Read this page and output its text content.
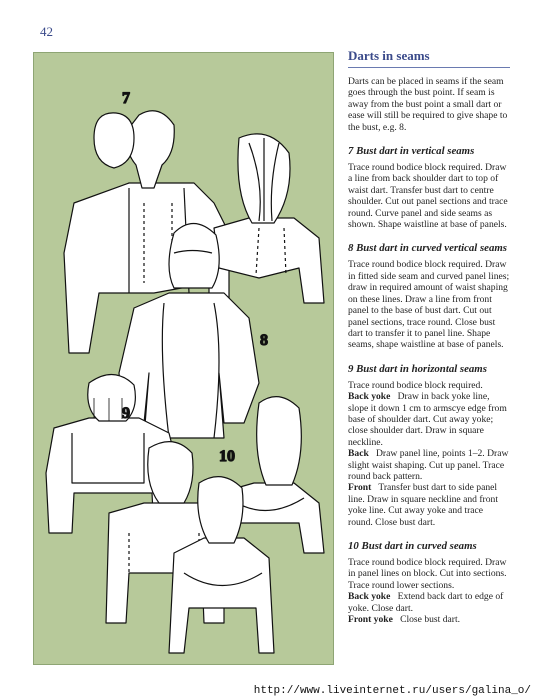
42
7
8
9
10
Darts in seams

Darts can be placed in seams if the seam goes through the bust point. If seam is away from the bust point a small dart or ease will still be required to give shape to the bust, e.g. 8.

7 Bust dart in vertical seams

Trace round bodice block required. Draw a line from back shoulder dart to top of waist dart. Transfer bust dart to centre shoulder. Cut out panel sections and trace round. Curve panel and side seams as shown. Shape waistline at base of panels.

8 Bust dart in curved vertical seams

Trace round bodice block required. Draw in fitted side seam and curved panel lines; draw in required amount of waist shaping on these lines. Draw a line from front panel to the base of bust dart. Cut out panel sections, trace round. Close bust dart to transfer it to panel line. Shape seams, shape waistline at base of panels.

9 Bust dart in horizontal seams

Trace round bodice block required.
Back yoke Draw in back yoke line, slope it down 1 cm to armscye edge from base of shoulder dart. Cut away yoke; close shoulder dart. Draw in square neckline.
Back Draw panel line, points 1–2. Draw slight waist shaping. Cut up panel. Trace round back pattern.
Front Transfer bust dart to side panel line. Draw in square neckline and front yoke line. Cut away yoke and trace round. Close bust dart.

10 Bust dart in curved seams

Trace round bodice block required. Draw in panel lines on block. Cut into sections. Trace round lower sections.
Back yoke Extend back dart to edge of yoke. Close dart.
Front yoke Close bust dart.

http://www.liveinternet.ru/users/galina_o/
